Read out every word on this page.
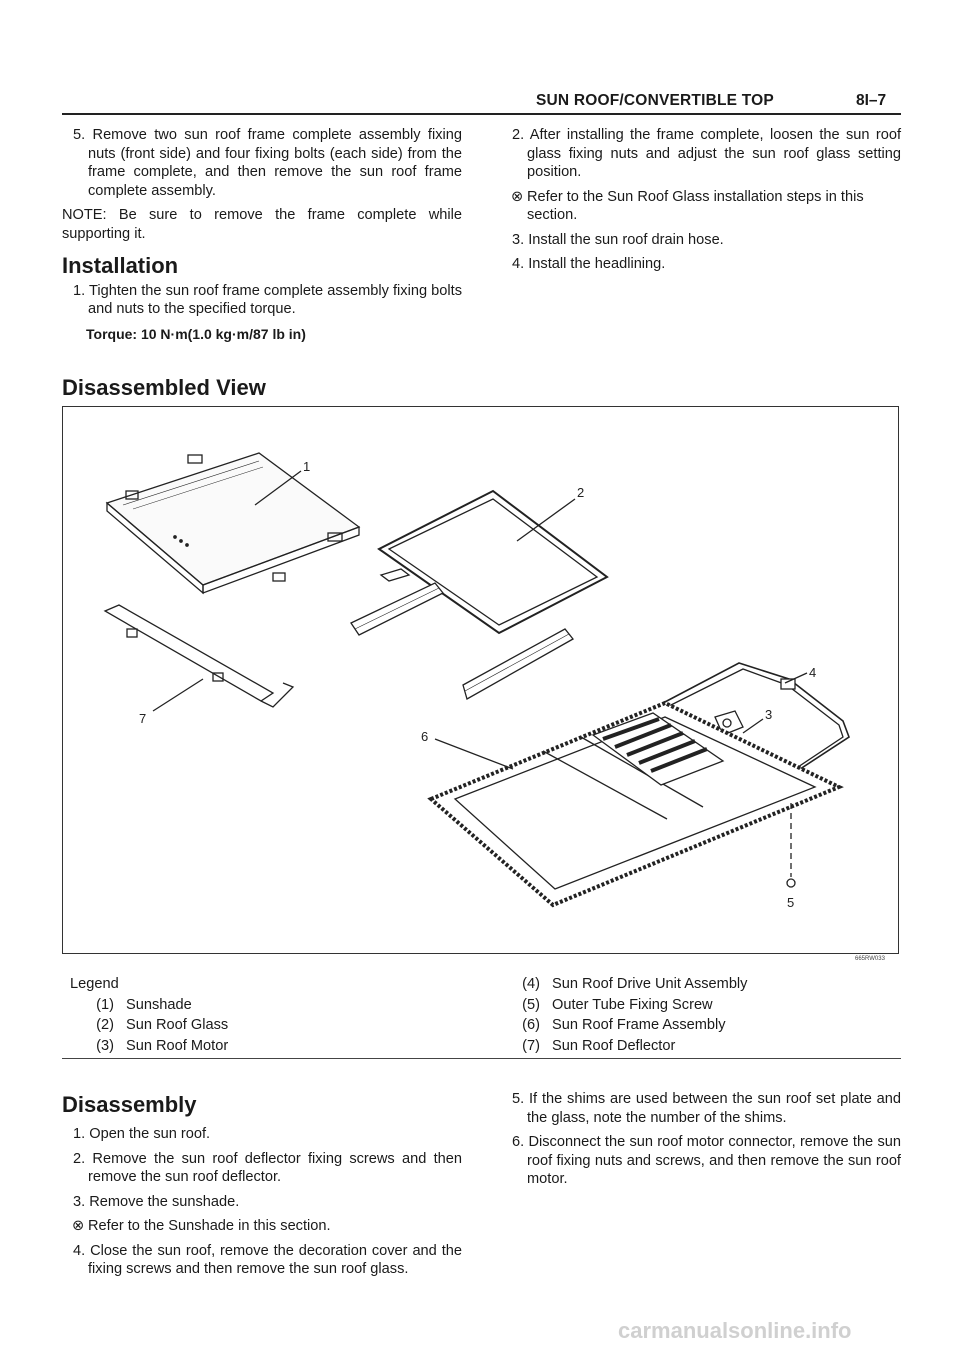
SUN ROOF/CONVERTIBLE TOP	8I–7

5. Remove two sun roof frame complete assembly fixing nuts (front side) and four fixing bolts (each side) from the frame complete, and then remove the sun roof frame complete assembly.

NOTE: Be sure to remove the frame complete while supporting it.

Installation

1. Tighten the sun roof frame complete assembly fixing bolts and nuts to the specified torque.

Torque: 10 N·m(1.0 kg·m/87 lb in)

2. After installing the frame complete, loosen the sun roof glass fixing nuts and adjust the sun roof glass setting position.

⊗ Refer to the Sun Roof Glass installation steps in this section.

3. Install the sun roof drain hose.

4. Install the headlining.

Disassembled View
1
2
3
4
5
6
7
665RW033
Legend
(1) Sunshade
(2) Sun Roof Glass
(3) Sun Roof Motor
(4) Sun Roof Drive Unit Assembly
(5) Outer Tube Fixing Screw
(6) Sun Roof Frame Assembly
(7) Sun Roof Deflector
Disassembly

1. Open the sun roof.

2. Remove the sun roof deflector fixing screws and then remove the sun roof deflector.

3. Remove the sunshade.

⊗ Refer to the Sunshade in this section.

4. Close the sun roof, remove the decoration cover and the fixing screws and then remove the sun roof glass.

5. If the shims are used between the sun roof set plate and the glass, note the number of the shims.

6. Disconnect the sun roof motor connector, remove the sun roof fixing nuts and screws, and then remove the sun roof motor.

carmanualsonline.info
